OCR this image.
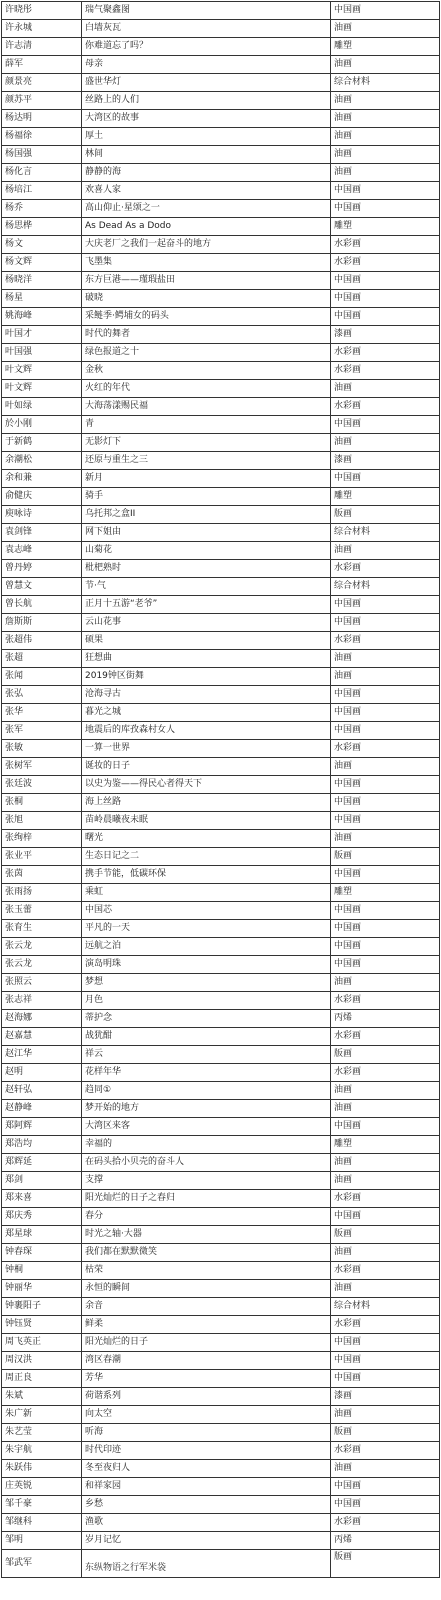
许晓彤	瑞气聚鑫图	中国画
许永城	白墙灰瓦	油画
许志清	你难道忘了吗？	雕塑
薛军	母亲	油画
颜景亮	盛世华灯	综合材料
颜苏平	丝路上的人们	油画
杨达明	大湾区的故事	油画
杨福徐	厚土	油画
杨国强	林间	油画
杨化言	静静的海	油画
杨培江	欢喜人家	中国画
杨乔	高山仰止·星颂之一	中国画
杨思桦	As Dead As a Dodo	雕塑
杨文	大庆老厂之我们一起奋斗的地方	水彩画
杨文辉	飞墨集	水彩画
杨晓洋	东方巨港——瑾瑕盐田	中国画
杨星	破晓	中国画
姚海峰	采鲢季·鳄埔女的码头	中国画
叶国才	时代的舞者	漆画
叶国强	绿色报道之十	水彩画
叶文辉	金秋	水彩画
叶文辉	火红的年代	油画
叶如绿	大海荡漾赐民福	水彩画
於小刚	青	中国画
于新鹤	无影灯下	油画
余潮松	还原与重生之三	漆画
余和兼	新月	中国画
俞健庆	骑手	雕塑
庾咏诗	乌托邦之盒II	版画
袁剑锋	网下姐由	综合材料
袁志峰	山菊花	油画
曾丹婷	枇杷熟时	水彩画
曾慧文	节·气	综合材料
曾长航	正月十五游“老爷”	中国画
詹斯斯	云山花事	中国画
张超伟	硕果	水彩画
张超	狂想曲	油画
张闻	2019钟区街舞	油画
张弘	沧海寻古	中国画
张华	暮光之城	中国画
张军	地震后的库孜森村女人	中国画
张敏	一算一世界	水彩画
张树军	诞妆的日子	油画
张廷波	以史为鉴——得民心者得天下	中国画
张桐	海上丝路	中国画
张旭	苗岭晨曦夜未眠	中国画
张绚梓	曙光	油画
张业平	生态日记之二	版画
张茵	携手节能，低碳环保	中国画
张雨扬	乘虹	雕塑
张玉蕾	中国芯	中国画
张育生	平凡的一天	中国画
张云龙	远航之泊	中国画
张云龙	演岛明珠	中国画
张照云	梦想	油画
张志祥	月色	水彩画
赵海娜	蒂护念	丙烯
赵嘉慧	战犹酣	水彩画
赵江华	祥云	版画
赵明	花样年华	水彩画
赵轩弘	趋同①	油画
赵静峰	梦开始的地方	油画
郑阿辉	大湾区来客	中国画
郑浩均	幸福的	雕塑
郑辉延	在码头拾小贝壳的奋斗人	油画
郑剑	支撑	油画
郑来喜	阳光灿烂的日子之春归	水彩画
郑庆秀	春分	中国画
郑星球	时光之轴·大器	版画
钟春琛	我们都在默默微笑	油画
钟桐	枯荣	水彩画
钟丽华	永恒的瞬间	油画
钟裹阳子	余音	综合材料
钟钰贤	鲜柔	水彩画
周飞英正	阳光灿烂的日子	中国画
周汉洪	湾区春潮	中国画
周正良	芳华	中国画
朱斌	荷谐系列	漆画
朱广新	向太空	油画
朱艺莹	听海	版画
朱宇航	时代印迹	水彩画
朱跃伟	冬至夜归人	油画
庄英锐	和祥家园	中国画
邹千豪	乡愁	中国画
邹继科	渔歌	水彩画
邹明	岁月记忆	丙烯
邹武军	东纵物语之行军米袋	版画
